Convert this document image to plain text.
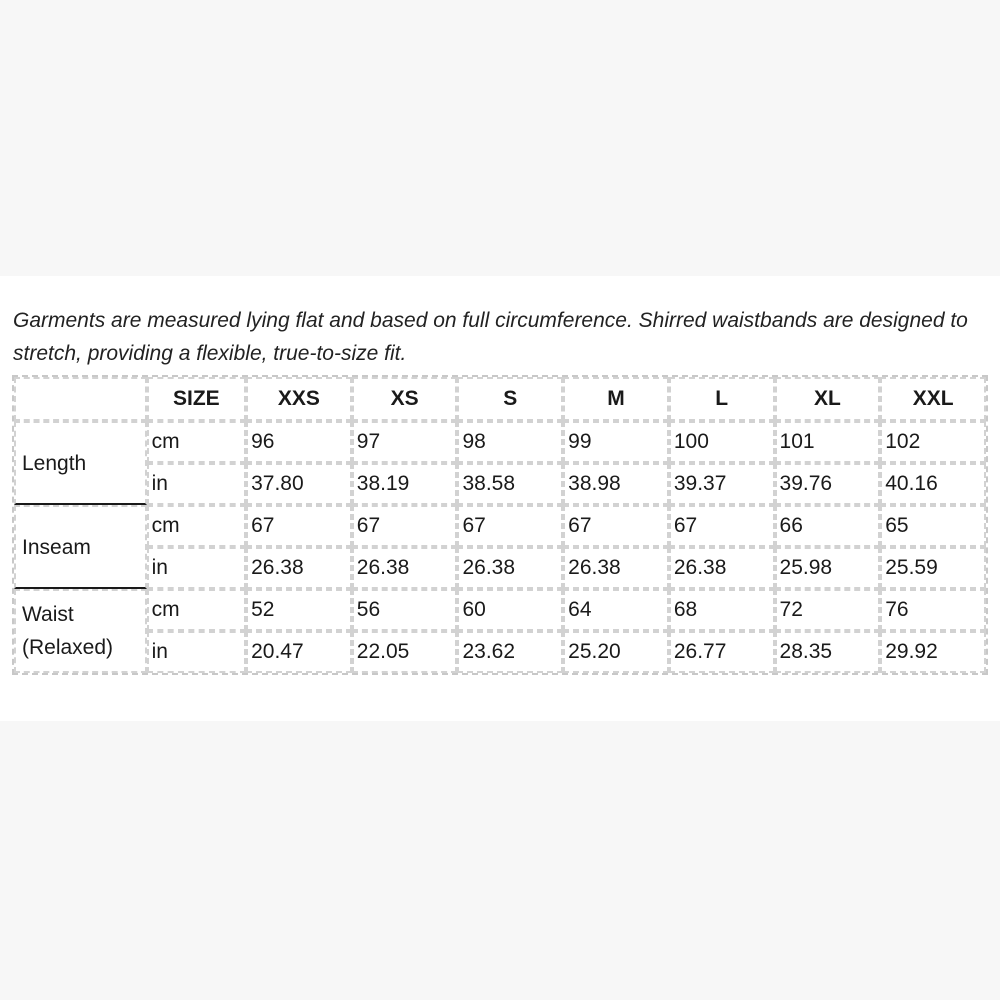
Garments are measured lying flat and based on full circumference. Shirred waistbands are designed to stretch, providing a flexible, true-to-size fit.

	SIZE	XXS	XS	S	M	L	XL	XXL
Length	cm	96	97	98	99	100	101	102
	in	37.80	38.19	38.58	38.98	39.37	39.76	40.16
Inseam	cm	67	67	67	67	67	66	65
	in	26.38	26.38	26.38	26.38	26.38	25.98	25.59
Waist (Relaxed)	cm	52	56	60	64	68	72	76
	in	20.47	22.05	23.62	25.20	26.77	28.35	29.92
